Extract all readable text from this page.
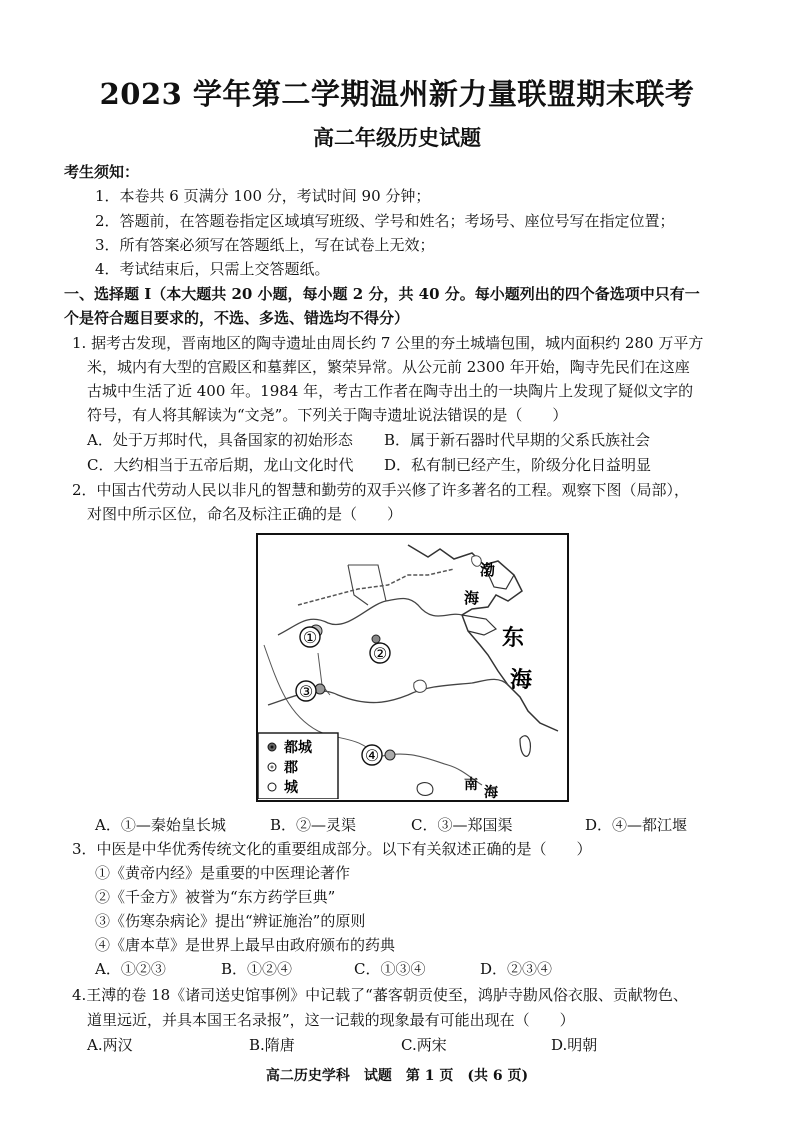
2023 学年第二学期温州新力量联盟期末联考
高二年级历史试题
考生须知：
1．本卷共 6 页满分 100 分，考试时间 90 分钟；
2．答题前，在答题卷指定区域填写班级、学号和姓名；考场号、座位号写在指定位置；
3．所有答案必须写在答题纸上，写在试卷上无效；
4．考试结束后，只需上交答题纸。
一、选择题 I（本大题共 20 小题，每小题 2 分，共 40 分。每小题列出的四个备选项中只有一
个是符合题目要求的，不选、多选、错选均不得分）
1. 据考古发现，晋南地区的陶寺遗址由周长约 7 公里的夯土城墙包围，城内面积约 280 万平方
米，城内有大型的宫殿区和墓葬区，繁荣异常。从公元前 2300 年开始，陶寺先民们在这座
古城中生活了近 400 年。1984 年，考古工作者在陶寺出土的一块陶片上发现了疑似文字的
符号，有人将其解读为“文尧”。下列关于陶寺遗址说法错误的是（　　）
A．处于万邦时代，具备国家的初始形态 B．属于新石器时代早期的父系氏族社会
C．大约相当于五帝后期，龙山文化时代 D．私有制已经产生，阶级分化日益明显
2．中国古代劳动人民以非凡的智慧和勤劳的双手兴修了许多著名的工程。观察下图（局部），
对图中所示区位，命名及标注正确的是（　　）
①
②
③
④
渤
海
东
海
南 海
都城
郡
城
A．①—秦始皇长城	B．②—灵渠	C．③—郑国渠	D．④—都江堰
3．中医是中华优秀传统文化的重要组成部分。以下有关叙述正确的是（　　）
①《黄帝内经》是重要的中医理论著作
②《千金方》被誉为“东方药学巨典”
③《伤寒杂病论》提出“辨证施治”的原则
④《唐本草》是世界上最早由政府颁布的药典
A．①②③	B．①②④	C．①③④	D．②③④
4.王溥的卷 18《诸司送史馆事例》中记载了“蕃客朝贡使至，鸿胪寺勘风俗衣服、贡献物色、
道里远近，并具本国王名录报”，这一记载的现象最有可能出现在（　　）
A.两汉	B.隋唐	C.两宋	D.明朝
高二历史学科　试题　第 1 页　(共 6 页)
